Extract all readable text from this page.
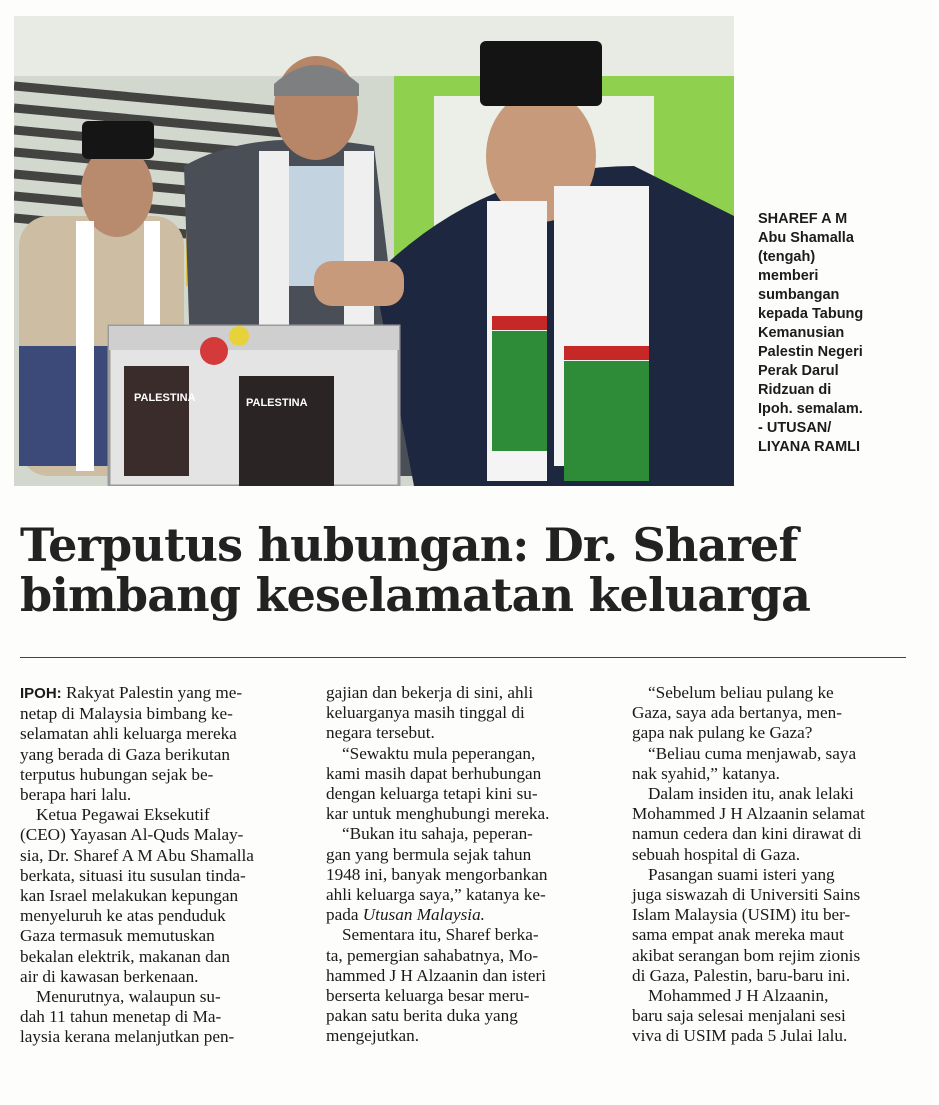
PALESTINA	PALESTINA
SHAREF A M
Abu Shamalla
(tengah)
memberi
sumbangan
kepada Tabung
Kemanusian
Palestin Negeri
Perak Darul
Ridzuan di
Ipoh. semalam.
- UTUSAN/
LIYANA RAMLI
Terputus hubungan: Dr. Sharef
bimbang keselamatan keluarga
IPOH: Rakyat Palestin yang me-
netap di Malaysia bimbang ke-
selamatan ahli keluarga mereka
yang berada di Gaza berikutan
terputus hubungan sejak be-
berapa hari lalu.
Ketua Pegawai Eksekutif
(CEO) Yayasan Al-Quds Malay-
sia, Dr. Sharef A M Abu Shamalla
berkata, situasi itu susulan tinda-
kan Israel melakukan kepungan
menyeluruh ke atas penduduk
Gaza termasuk memutuskan
bekalan elektrik, makanan dan
air di kawasan berkenaan.
Menurutnya, walaupun su-
dah 11 tahun menetap di Ma-
laysia kerana melanjutkan pen-
gajian dan bekerja di sini, ahli
keluarganya masih tinggal di
negara tersebut.
“Sewaktu mula peperangan,
kami masih dapat berhubungan
dengan keluarga tetapi kini su-
kar untuk menghubungi mereka.
“Bukan itu sahaja, peperan-
gan yang bermula sejak tahun
1948 ini, banyak mengorbankan
ahli keluarga saya,” katanya ke-
pada Utusan Malaysia.
Sementara itu, Sharef berka-
ta, pemergian sahabatnya, Mo-
hammed J H Alzaanin dan isteri
berserta keluarga besar meru-
pakan satu berita duka yang
mengejutkan.
“Sebelum beliau pulang ke
Gaza, saya ada bertanya, men-
gapa nak pulang ke Gaza?
“Beliau cuma menjawab, saya
nak syahid,” katanya.
Dalam insiden itu, anak lelaki
Mohammed J H Alzaanin selamat
namun cedera dan kini dirawat di
sebuah hospital di Gaza.
Pasangan suami isteri yang
juga siswazah di Universiti Sains
Islam Malaysia (USIM) itu ber-
sama empat anak mereka maut
akibat serangan bom rejim zionis
di Gaza, Palestin, baru-baru ini.
Mohammed J H Alzaanin,
baru saja selesai menjalani sesi
viva di USIM pada 5 Julai lalu.
